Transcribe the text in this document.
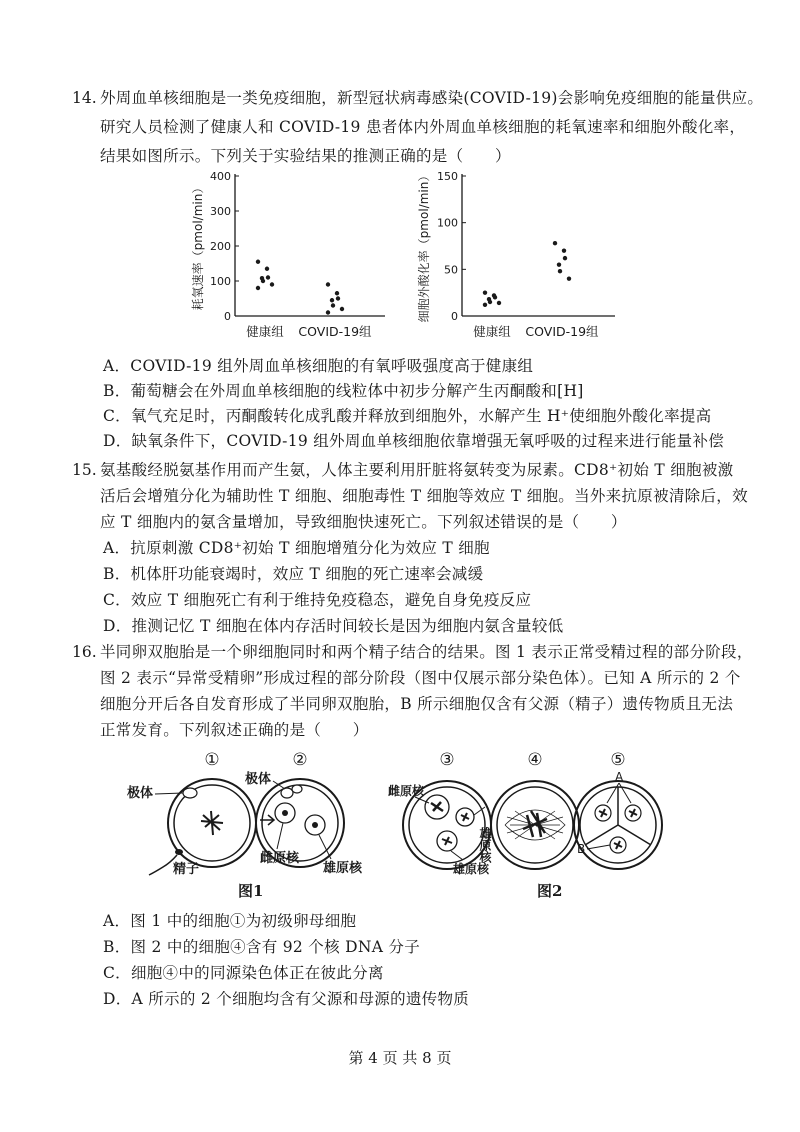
14. 外周血单核细胞是一类免疫细胞，新型冠状病毒感染(COVID-19)会影响免疫细胞的能量供应。
研究人员检测了健康人和 COVID-19 患者体内外周血单核细胞的耗氧速率和细胞外酸化率，
结果如图所示。下列关于实验结果的推测正确的是（　　）
耗氧速率（pmol/min）
0
100
200
300
400
健康组 COVID-19组
细胞外酸化率（pmol/min） 0
50
100
150
健康组 COVID-19组
A．COVID-19 组外周血单核细胞的有氧呼吸强度高于健康组
B．葡萄糖会在外周血单核细胞的线粒体中初步分解产生丙酮酸和[H]
C．氧气充足时，丙酮酸转化成乳酸并释放到细胞外，水解产生 H⁺使细胞外酸化率提高
D．缺氧条件下，COVID-19 组外周血单核细胞依靠增强无氧呼吸的过程来进行能量补偿
15. 氨基酸经脱氨基作用而产生氨，人体主要利用肝脏将氨转变为尿素。CD8⁺初始 T 细胞被激
活后会增殖分化为辅助性 T 细胞、细胞毒性 T 细胞等效应 T 细胞。当外来抗原被清除后，效
应 T 细胞内的氨含量增加，导致细胞快速死亡。下列叙述错误的是（　　）
A．抗原刺激 CD8⁺初始 T 细胞增殖分化为效应 T 细胞
B．机体肝功能衰竭时，效应 T 细胞的死亡速率会减缓
C．效应 T 细胞死亡有利于维持免疫稳态，避免自身免疫反应
D．推测记忆 T 细胞在体内存活时间较长是因为细胞内氨含量较低
16. 半同卵双胞胎是一个卵细胞同时和两个精子结合的结果。图 1 表示正常受精过程的部分阶段，
图 2 表示“异常受精卵”形成过程的部分阶段（图中仅展示部分染色体）。已知 A 所示的 2 个
细胞分开后各自发育形成了半同卵双胞胎，B 所示细胞仅含有父源（精子）遗传物质且无法
正常发育。下列叙述正确的是（　　）
①	②
极体
精子
极体
雌原核
雄原核
图1
③	④	⑤
雌原核
雄原核
雄原核
A
B
图2
A．图 1 中的细胞①为初级卵母细胞
B．图 2 中的细胞④含有 92 个核 DNA 分子
C．细胞④中的同源染色体正在彼此分离
D．A 所示的 2 个细胞均含有父源和母源的遗传物质
第 4 页 共 8 页
